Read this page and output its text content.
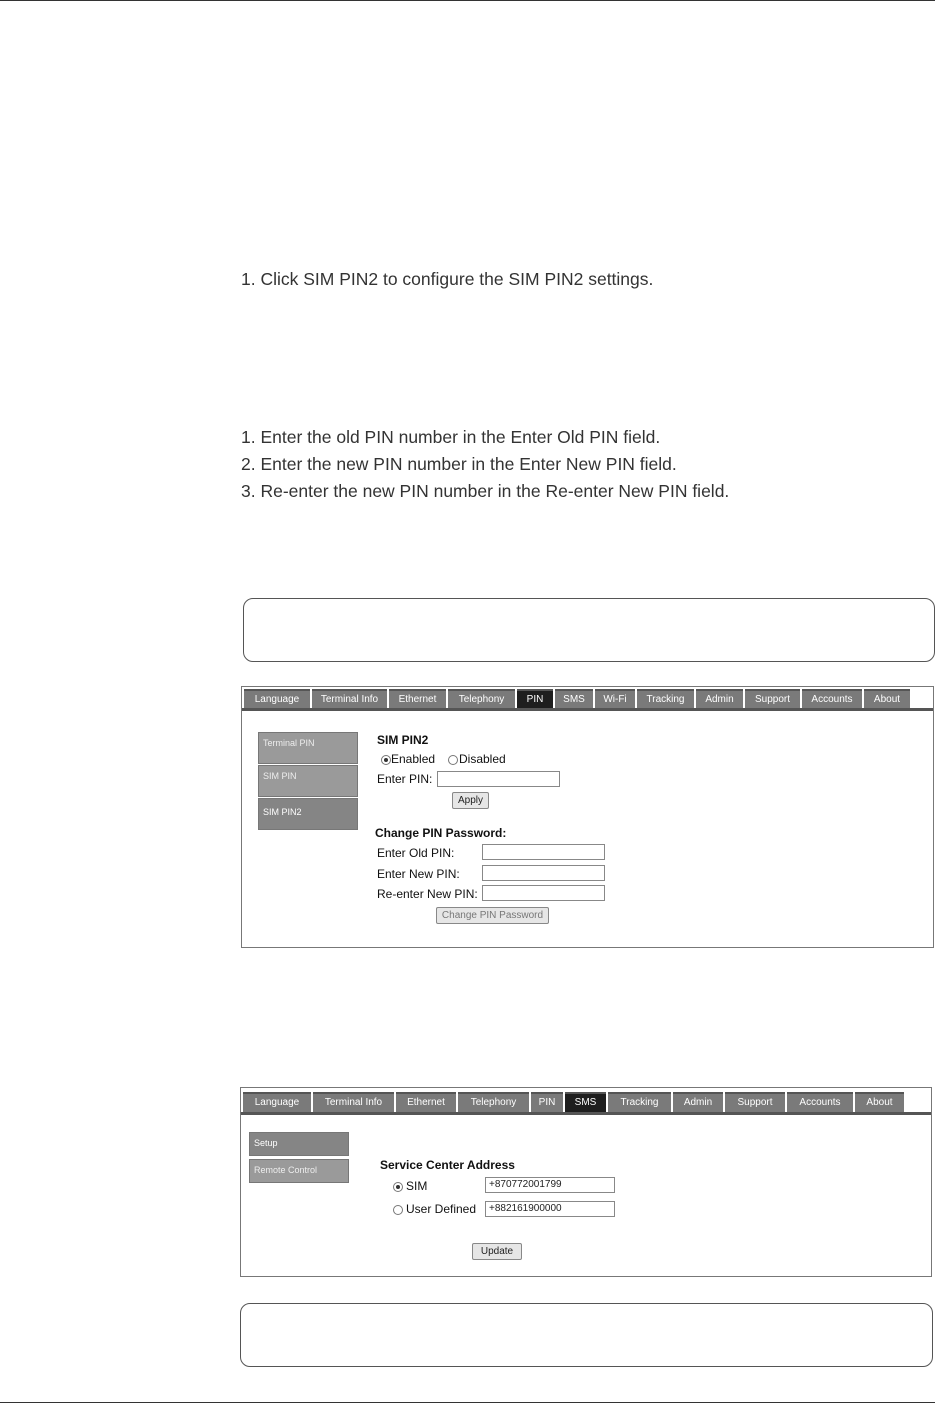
1. Click SIM PIN2 to configure the SIM PIN2 settings.
1. Enter the old PIN number in the Enter Old PIN field.
2. Enter the new PIN number in the Enter New PIN field.
3. Re-enter the new PIN number in the Re-enter New PIN field.
Language	Terminal Info	Ethernet	Telephony	PIN	SMS	Wi-Fi	Tracking	Admin	Support	Accounts	About
Terminal PIN
SIM PIN
SIM PIN2
SIM PIN2
Enabled Disabled
Enter PIN:
Apply
Change PIN Password:
Enter Old PIN:
Enter New PIN:
Re-enter New PIN:
Change PIN Password
Language	Terminal Info	Ethernet	Telephony	PIN	SMS	Tracking	Admin	Support	Accounts	About
Setup
Remote Control	Service Center Address
SIM	+870772001799
User Defined	+882161900000
Update
